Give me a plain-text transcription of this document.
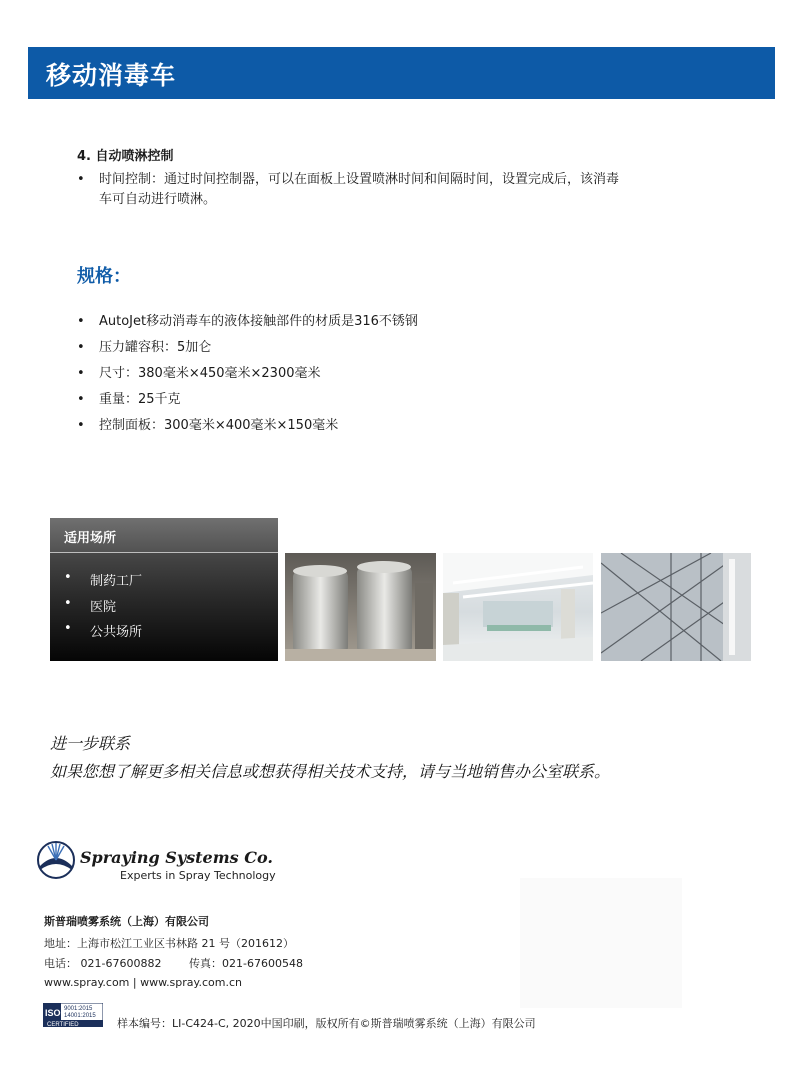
移动消毒车
4. 自动喷淋控制
•	时间控制：通过时间控制器，可以在面板上设置喷淋时间和间隔时间，设置完成后，该消毒
车可自动进行喷淋。
规格：
•	AutoJet移动消毒车的液体接触部件的材质是316不锈钢
•	压力罐容积：5加仑
•	尺寸：380毫米×450毫米×2300毫米
•	重量：25千克
•	控制面板：300毫米×400毫米×150毫米
适用场所
• 制药工厂
• 医院
• 公共场所
进一步联系
如果您想了解更多相关信息或想获得相关技术支持，请与当地销售办公室联系。
Spraying Systems Co.
Experts in Spray Technology
斯普瑞喷雾系统（上海）有限公司
地址：上海市松江工业区书林路 21 号（201612）
电话： 021-67600882	传真：021-67600548
www.spray.com | www.spray.com.cn
ISO 9001:2015
14001:2015
CERTIFIED	样本编号：LI-C424-C, 2020中国印刷，版权所有©斯普瑞喷雾系统（上海）有限公司
